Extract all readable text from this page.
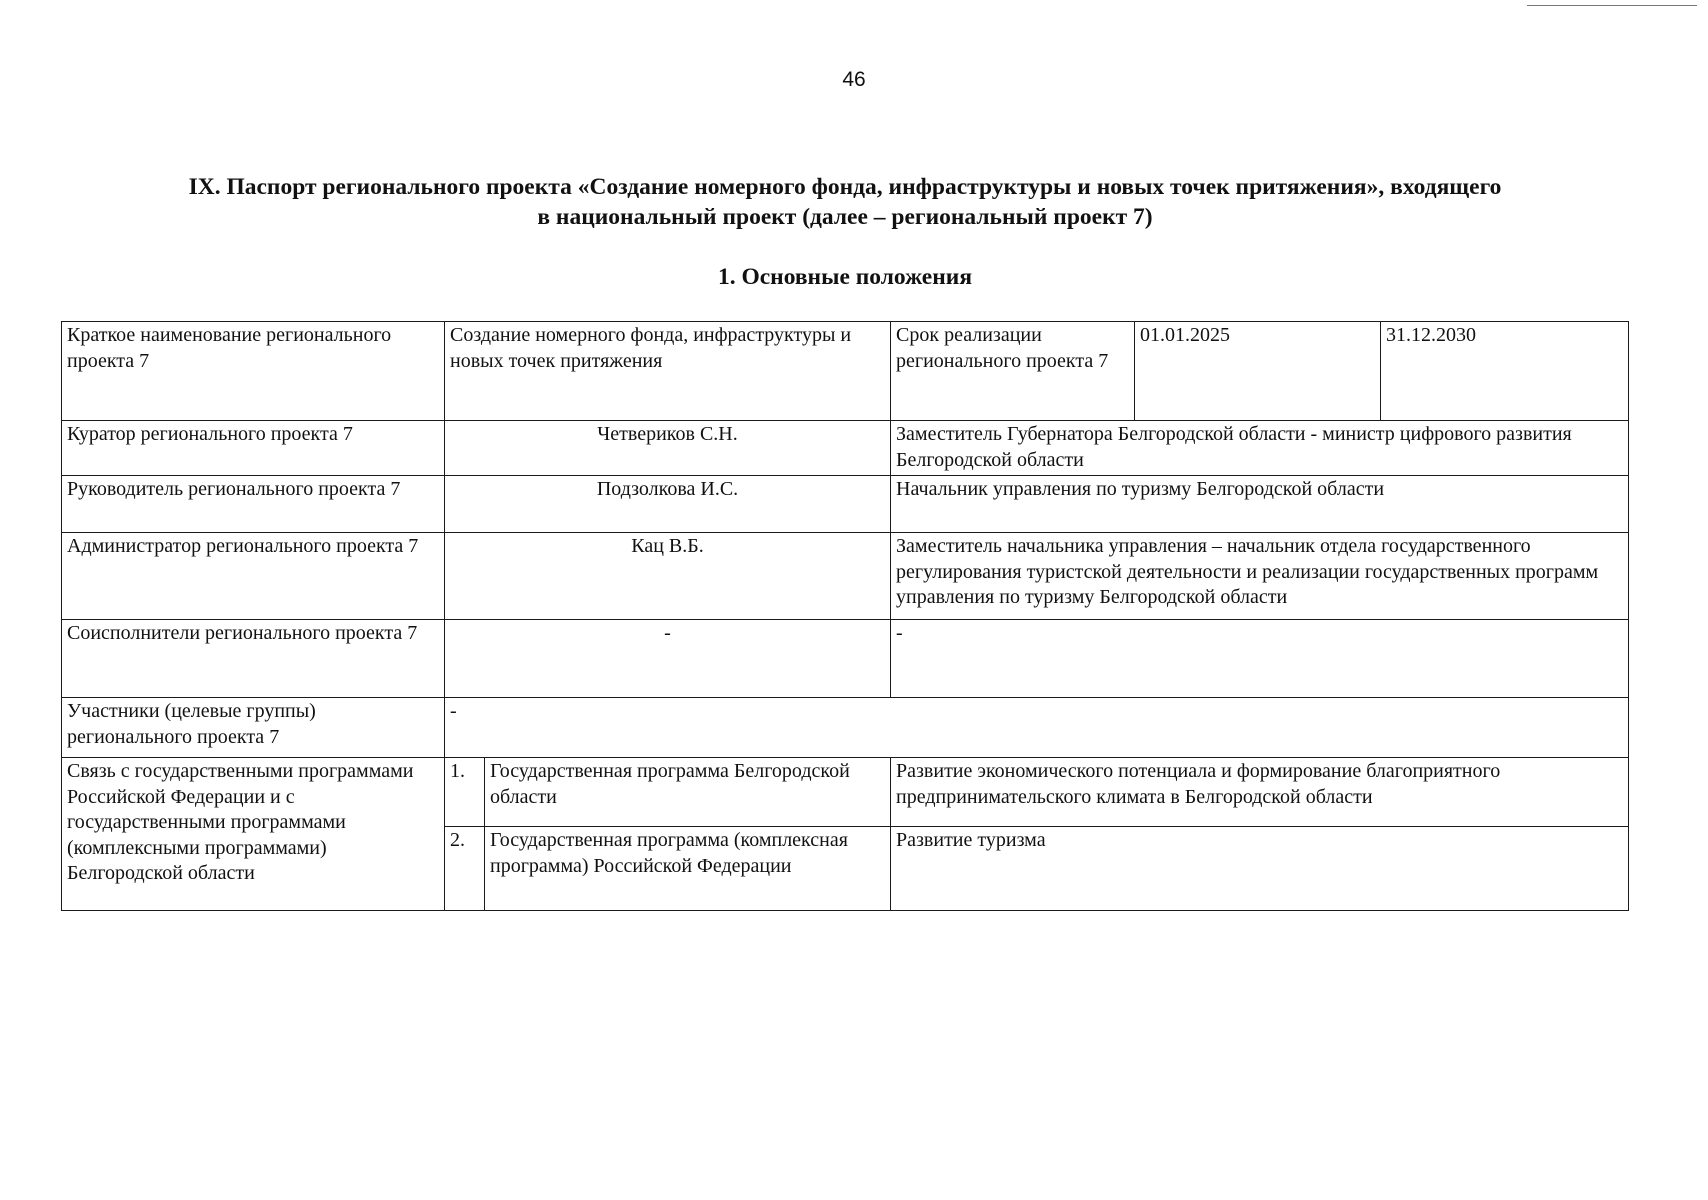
46
IX. Паспорт регионального проекта «Создание номерного фонда, инфраструктуры и новых точек притяжения», входящего
в национальный проект (далее – региональный проект 7)
1. Основные положения
Краткое наименование регионального проекта 7	Создание номерного фонда, инфраструктуры и новых точек притяжения		Срок реализации регионального проекта 7	01.01.2025	31.12.2030
Куратор регионального проекта 7	Четвериков С.Н.		Заместитель Губернатора Белгородской области - министр цифрового развития Белгородской области		
Руководитель регионального проекта 7	Подзолкова И.С.		Начальник управления по туризму Белгородской области		
Администратор регионального проекта 7	Кац В.Б.		Заместитель начальника управления – начальник отдела государственного регулирования туристской деятельности и реализации государственных программ управления по туризму Белгородской области		
Соисполнители регионального проекта 7	-		-		
Участники (целевые группы) регионального проекта 7	-				
Связь с государственными программами Российской Федерации и с государственными программами (комплексными программами) Белгородской области	1.	Государственная программа Белгородской области	Развитие экономического потенциала и формирование благоприятного предпринимательского климата в Белгородской области		
	2.	Государственная программа (комплексная программа) Российской Федерации	Развитие туризма		
